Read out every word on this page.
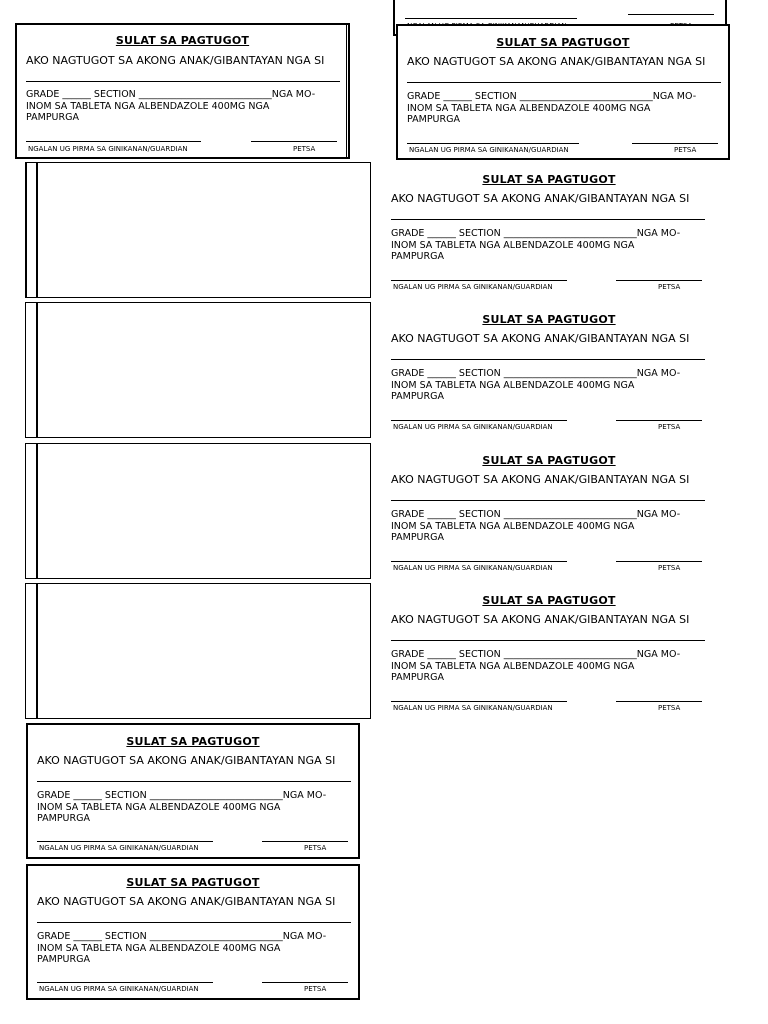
SULAT SA PAGTUGOT
AKO NAGTUGOT SA AKONG ANAK/GIBANTAYAN NGA SI
GRADE ______ SECTION ____________________________NGA MO-
INOM SA TABLETA NGA ALBENDAZOLE 400MG NGA
PAMPURGA
NGALAN UG PIRMA SA GINIKANAN/GUARDIAN	PETSA
SULAT SA PAGTUGOT
AKO NAGTUGOT SA AKONG ANAK/GIBANTAYAN NGA SI
GRADE ______ SECTION ____________________________NGA MO-
INOM SA TABLETA NGA ALBENDAZOLE 400MG NGA
PAMPURGA
NGALAN UG PIRMA SA GINIKANAN/GUARDIAN	PETSA
SULAT SA PAGTUGOT
AKO NAGTUGOT SA AKONG ANAK/GIBANTAYAN NGA SI
GRADE ______ SECTION ____________________________NGA MO-
INOM SA TABLETA NGA ALBENDAZOLE 400MG NGA
PAMPURGA
NGALAN UG PIRMA SA GINIKANAN/GUARDIAN	PETSA
SULAT SA PAGTUGOT
AKO NAGTUGOT SA AKONG ANAK/GIBANTAYAN NGA SI
GRADE ______ SECTION ____________________________NGA MO-
INOM SA TABLETA NGA ALBENDAZOLE 400MG NGA
PAMPURGA
NGALAN UG PIRMA SA GINIKANAN/GUARDIAN	PETSA
SULAT SA PAGTUGOT
AKO NAGTUGOT SA AKONG ANAK/GIBANTAYAN NGA SI
GRADE ______ SECTION ____________________________NGA MO-
INOM SA TABLETA NGA ALBENDAZOLE 400MG NGA
PAMPURGA
NGALAN UG PIRMA SA GINIKANAN/GUARDIAN	PETSA
SULAT SA PAGTUGOT
AKO NAGTUGOT SA AKONG ANAK/GIBANTAYAN NGA SI
GRADE ______ SECTION ____________________________NGA MO-
INOM SA TABLETA NGA ALBENDAZOLE 400MG NGA
PAMPURGA
NGALAN UG PIRMA SA GINIKANAN/GUARDIAN	PETSA
SULAT SA PAGTUGOT
AKO NAGTUGOT SA AKONG ANAK/GIBANTAYAN NGA SI
GRADE ______ SECTION ____________________________NGA MO-
INOM SA TABLETA NGA ALBENDAZOLE 400MG NGA
PAMPURGA
NGALAN UG PIRMA SA GINIKANAN/GUARDIAN	PETSA
SULAT SA PAGTUGOT
AKO NAGTUGOT SA AKONG ANAK/GIBANTAYAN NGA SI
GRADE ______ SECTION ____________________________NGA MO-
INOM SA TABLETA NGA ALBENDAZOLE 400MG NGA
PAMPURGA
NGALAN UG PIRMA SA GINIKANAN/GUARDIAN	PETSA
